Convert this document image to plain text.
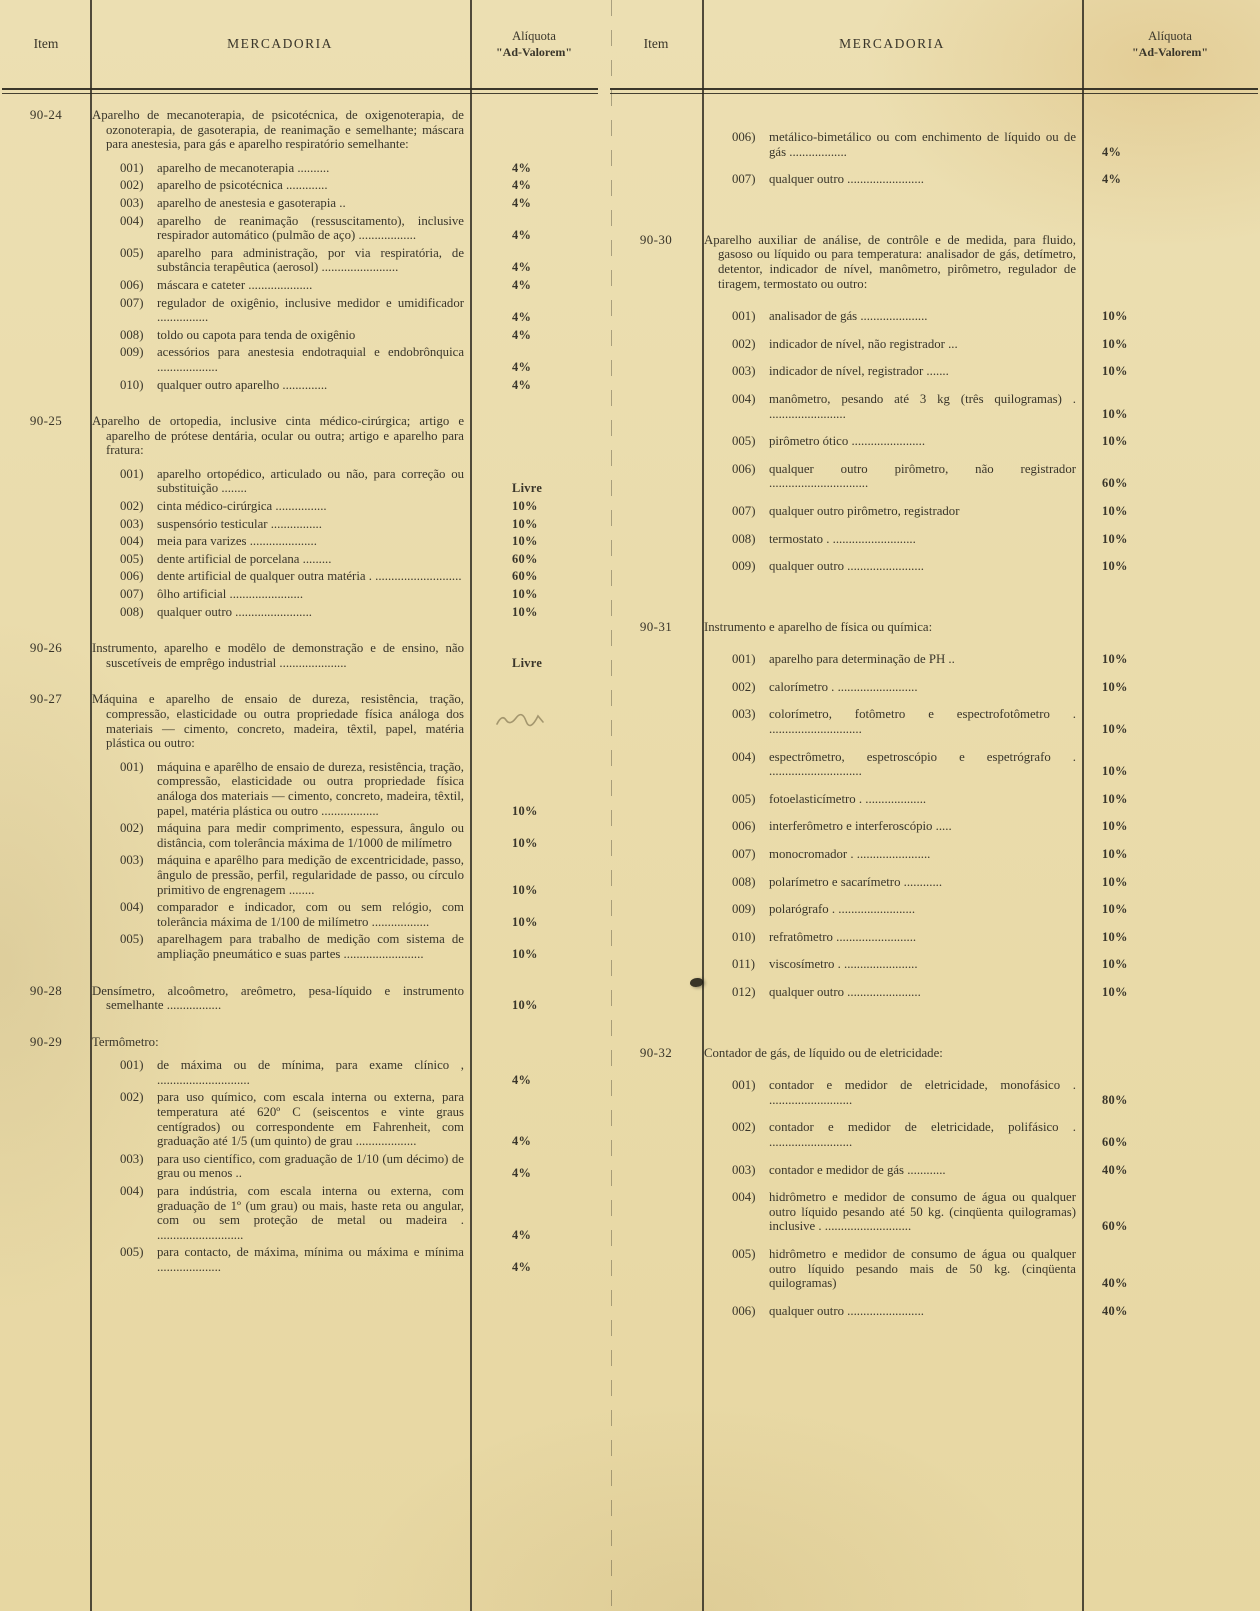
Item	MERCADORIA	Alíquota
"Ad-Valorem"
90-24	Aparelho de mecanoterapia, de psicotécnica, de oxigenoterapia, de ozonoterapia, de gasoterapia, de reanimação e semelhante; máscara para anestesia, para gás e aparelho respiratório semelhante:
001) aparelho de mecanoterapia ..........	4%
002) aparelho de psicotécnica .............	4%
003) aparelho de anestesia e gasoterapia ..	4%
004) aparelho de reanimação (ressuscitamento), inclusive respirador automático (pulmão de aço) ..................	4%
005) aparelho para administração, por via respiratória, de substância terapêutica (aerosol) ........................	4%
006) máscara e cateter ....................	4%
007) regulador de oxigênio, inclusive medidor e umidificador ................	4%
008) toldo ou capota para tenda de oxigênio	4%
009) acessórios para anestesia endotraquial e endobrônquica ...................	4%
010) qualquer outro aparelho ..............	4%
90-25	Aparelho de ortopedia, inclusive cinta médico-cirúrgica; artigo e aparelho de prótese dentária, ocular ou outra; artigo e aparelho para fratura:
001) aparelho ortopédico, articulado ou não, para correção ou substituição ........	Livre
002) cinta médico-cirúrgica ................	10%
003) suspensório testicular ................	10%
004) meia para varizes .....................	10%
005) dente artificial de porcelana .........	60%
006) dente artificial de qualquer outra matéria . ...........................	60%
007) ôlho artificial .......................	10%
008) qualquer outro ........................	10%
90-26	Instrumento, aparelho e modêlo de demonstração e de ensino, não suscetíveis de emprêgo industrial .....................	Livre
90-27	Máquina e aparelho de ensaio de dureza, resistência, tração, compressão, elasticidade ou outra propriedade física análoga dos materiais — cimento, concreto, madeira, têxtil, papel, matéria plástica ou outro:
001) máquina e aparêlho de ensaio de dureza, resistência, tração, compressão, elasticidade ou outra propriedade física análoga dos materiais — cimento, concreto, madeira, têxtil, papel, matéria plástica ou outro ..................	10%
002) máquina para medir comprimento, espessura, ângulo ou distância, com tolerância máxima de 1/1000 de milímetro	10%
003) máquina e aparêlho para medição de excentricidade, passo, ângulo de pressão, perfil, regularidade de passo, ou círculo primitivo de engrenagem ........	10%
004) comparador e indicador, com ou sem relógio, com tolerância máxima de 1/100 de milímetro ..................	10%
005) aparelhagem para trabalho de medição com sistema de ampliação pneumático e suas partes .........................	10%
90-28	Densímetro, alcoômetro, areômetro, pesa-líquido e instrumento semelhante .................	10%
90-29	Termômetro:
001) de máxima ou de mínima, para exame clínico , .............................	4%
002) para uso químico, com escala interna ou externa, para temperatura até 620º C (seiscentos e vinte graus centígrados) ou correspondente em Fahrenheit, com graduação até 1/5 (um quinto) de grau ...................	4%
003) para uso científico, com graduação de 1/10 (um décimo) de grau ou menos ..	4%
004) para indústria, com escala interna ou externa, com graduação de 1º (um grau) ou mais, haste reta ou angular, com ou sem proteção de metal ou madeira . ...........................	4%
005) para contacto, de máxima, mínima ou máxima e mínima ....................	4%
Item	MERCADORIA	Alíquota
"Ad-Valorem"
006) metálico-bimetálico ou com enchimento de líquido ou de gás ..................	4%
007) qualquer outro ........................	4%
90-30	Aparelho auxiliar de análise, de contrôle e de medida, para fluido, gasoso ou líquido ou para temperatura: analisador de gás, detímetro, detentor, indicador de nível, manômetro, pirômetro, regulador de tiragem, termostato ou outro:
001) analisador de gás .....................	10%
002) indicador de nível, não registrador ...	10%
003) indicador de nível, registrador .......	10%
004) manômetro, pesando até 3 kg (três quilogramas) . ........................	10%
005) pirômetro ótico .......................	10%
006) qualquer outro pirômetro, não registrador ...............................	60%
007) qualquer outro pirômetro, registrador	10%
008) termostato . ..........................	10%
009) qualquer outro ........................	10%
90-31	Instrumento e aparelho de física ou química:
001) aparelho para determinação de PH ..	10%
002) calorímetro . .........................	10%
003) colorímetro, fotômetro e espectrofotômetro . .............................	10%
004) espectrômetro, espetroscópio e espetrógrafo . .............................	10%
005) fotoelasticímetro . ...................	10%
006) interferômetro e interferoscópio .....	10%
007) monocromador . .......................	10%
008) polarímetro e sacarímetro ............	10%
009) polarógrafo . ........................	10%
010) refratômetro .........................	10%
011) viscosímetro . .......................	10%
012) qualquer outro .......................	10%
90-32	Contador de gás, de líquido ou de eletricidade:
001) contador e medidor de eletricidade, monofásico . ..........................	80%
002) contador e medidor de eletricidade, polifásico . ..........................	60%
003) contador e medidor de gás ............	40%
004) hidrômetro e medidor de consumo de água ou qualquer outro líquido pesando até 50 kg. (cinqüenta quilogramas) inclusive . ...........................	60%
005) hidrômetro e medidor de consumo de água ou qualquer outro líquido pesando mais de 50 kg. (cinqüenta quilogramas)	40%
006) qualquer outro ........................	40%
